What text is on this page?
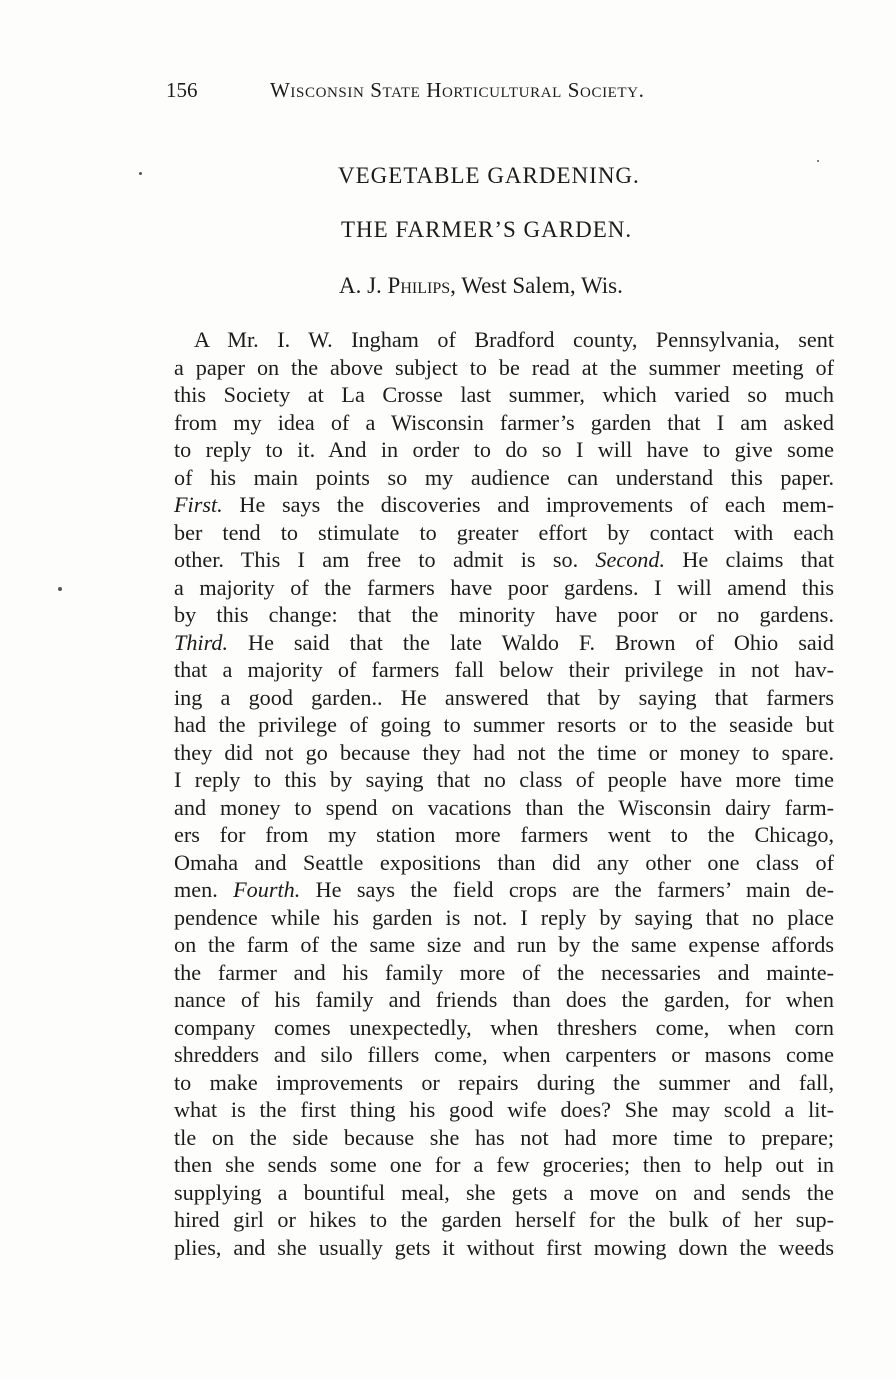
156	Wisconsin State Horticultural Society.
VEGETABLE GARDENING.
THE FARMER’S GARDEN.
A. J. Philips, West Salem, Wis.
A Mr. I. W. Ingham of Bradford county, Pennsylvania, sent
a paper on the above subject to be read at the summer meeting of
this Society at La Crosse last summer, which varied so much
from my idea of a Wisconsin farmer’s garden that I am asked
to reply to it. And in order to do so I will have to give some
of his main points so my audience can understand this paper.
First. He says the discoveries and improvements of each mem-
ber tend to stimulate to greater effort by contact with each
other. This I am free to admit is so. Second. He claims that
a majority of the farmers have poor gardens. I will amend this
by this change: that the minority have poor or no gardens.
Third. He said that the late Waldo F. Brown of Ohio said
that a majority of farmers fall below their privilege in not hav-
ing a good garden.. He answered that by saying that farmers
had the privilege of going to summer resorts or to the seaside but
they did not go because they had not the time or money to spare.
I reply to this by saying that no class of people have more time
and money to spend on vacations than the Wisconsin dairy farm-
ers for from my station more farmers went to the Chicago,
Omaha and Seattle expositions than did any other one class of
men. Fourth. He says the field crops are the farmers’ main de-
pendence while his garden is not. I reply by saying that no place
on the farm of the same size and run by the same expense affords
the farmer and his family more of the necessaries and mainte-
nance of his family and friends than does the garden, for when
company comes unexpectedly, when threshers come, when corn
shredders and silo fillers come, when carpenters or masons come
to make improvements or repairs during the summer and fall,
what is the first thing his good wife does? She may scold a lit-
tle on the side because she has not had more time to prepare;
then she sends some one for a few groceries; then to help out in
supplying a bountiful meal, she gets a move on and sends the
hired girl or hikes to the garden herself for the bulk of her sup-
plies, and she usually gets it without first mowing down the weeds
